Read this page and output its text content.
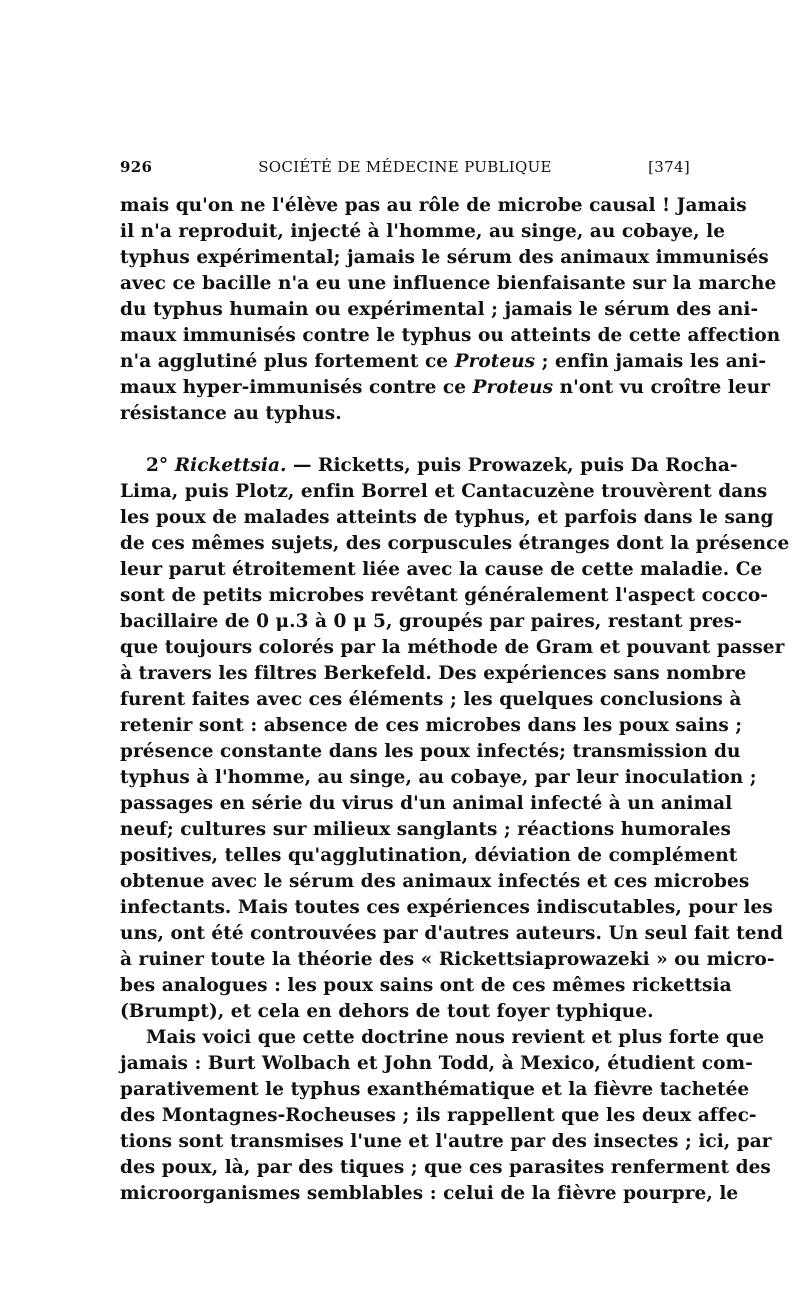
926	SOCIÉTÉ DE MÉDECINE PUBLIQUE	[374]
mais qu'on ne l'élève pas au rôle de microbe causal ! Jamais
il n'a reproduit, injecté à l'homme, au singe, au cobaye, le
typhus expérimental; jamais le sérum des animaux immunisés
avec ce bacille n'a eu une influence bienfaisante sur la marche
du typhus humain ou expérimental ; jamais le sérum des ani-
maux immunisés contre le typhus ou atteints de cette affection
n'a agglutiné plus fortement ce Proteus ; enfin jamais les ani-
maux hyper-immunisés contre ce Proteus n'ont vu croître leur
résistance au typhus.
2° Rickettsia. — Ricketts, puis Prowazek, puis Da Rocha-
Lima, puis Plotz, enfin Borrel et Cantacuzène trouvèrent dans
les poux de malades atteints de typhus, et parfois dans le sang
de ces mêmes sujets, des corpuscules étranges dont la présence
leur parut étroitement liée avec la cause de cette maladie. Ce
sont de petits microbes revêtant généralement l'aspect cocco-
bacillaire de 0 μ.3 à 0 μ 5, groupés par paires, restant pres-
que toujours colorés par la méthode de Gram et pouvant passer
à travers les filtres Berkefeld. Des expériences sans nombre
furent faites avec ces éléments ; les quelques conclusions à
retenir sont : absence de ces microbes dans les poux sains ;
présence constante dans les poux infectés; transmission du
typhus à l'homme, au singe, au cobaye, par leur inoculation ;
passages en série du virus d'un animal infecté à un animal
neuf; cultures sur milieux sanglants ; réactions humorales
positives, telles qu'agglutination, déviation de complément
obtenue avec le sérum des animaux infectés et ces microbes
infectants. Mais toutes ces expériences indiscutables, pour les
uns, ont été controuvées par d'autres auteurs. Un seul fait tend
à ruiner toute la théorie des « Rickettsiaprowazeki » ou micro-
bes analogues : les poux sains ont de ces mêmes rickettsia
(Brumpt), et cela en dehors de tout foyer typhique.
Mais voici que cette doctrine nous revient et plus forte que
jamais : Burt Wolbach et John Todd, à Mexico, étudient com-
parativement le typhus exanthématique et la fièvre tachetée
des Montagnes-Rocheuses ; ils rappellent que les deux affec-
tions sont transmises l'une et l'autre par des insectes ; ici, par
des poux, là, par des tiques ; que ces parasites renferment des
microorganismes semblables : celui de la fièvre pourpre, le
